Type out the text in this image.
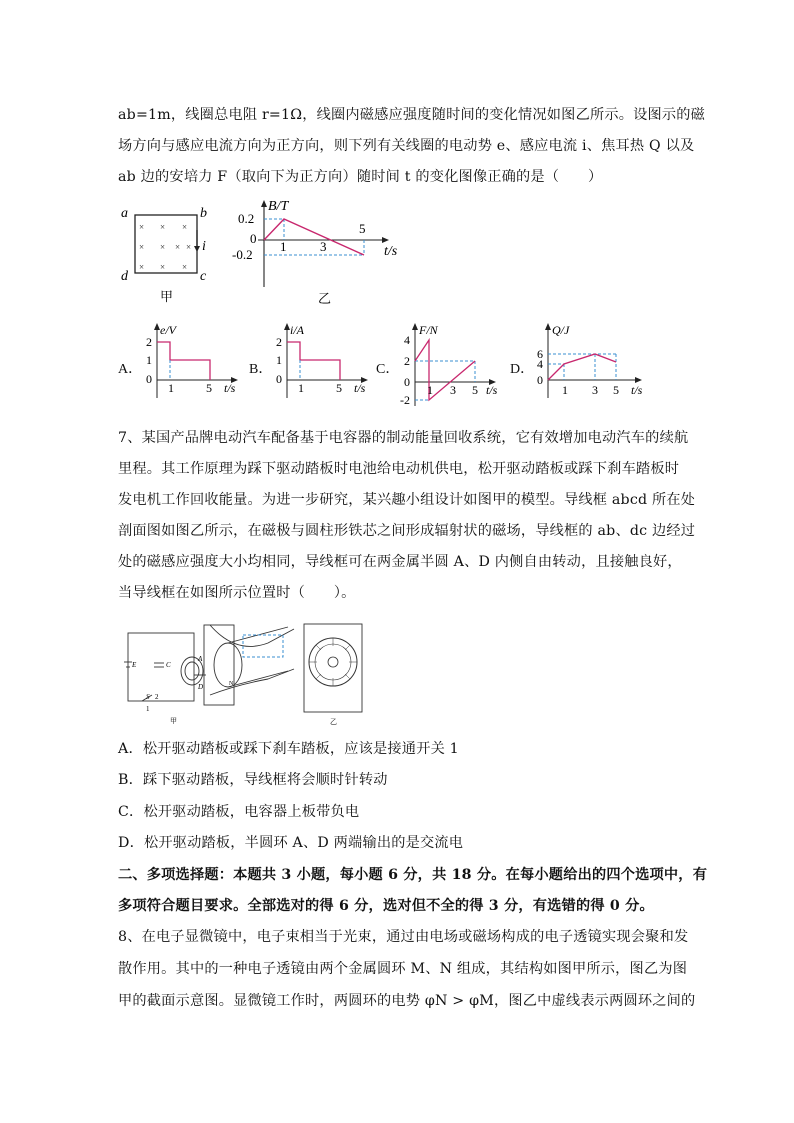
ab=1m，线圈总电阻 r=1Ω，线圈内磁感应强度随时间的变化情况如图乙所示。设图示的磁
场方向与感应电流方向为正方向，则下列有关线圈的电动势 e、感应电流 i、焦耳热 Q 以及
ab 边的安培力 F（取向下为正方向）随时间 t 的变化图像正确的是（　　）
× × ×
× × × ×
× × ×
a	b
c
d
i
甲
B/T
0.2
0
-0.2
1	3
5
t/s
乙
A．
e/V
2
1
0
1	5 t/s
B．
i/A
2
1
0
1	5 t/s
C．
F/N
4
2
0
-2
1 3 5 t/s
D．
Q/J
6
4
0
1 3 5 t/s
7、某国产品牌电动汽车配备基于电容器的制动能量回收系统，它有效增加电动汽车的续航
里程。其工作原理为踩下驱动踏板时电池给电动机供电，松开驱动踏板或踩下刹车踏板时
发电机工作回收能量。为进一步研究，某兴趣小组设计如图甲的模型。导线框 abcd 所在处
剖面图如图乙所示，在磁极与圆柱形铁芯之间形成辐射状的磁场，导线框的 ab、dc 边经过
处的磁感应强度大小均相同，导线框可在两金属半圆 A、D 内侧自由转动，且接触良好，
当导线框在如图所示位置时（　　）。
E	C
S 2
1
A
D	N
甲	乙
A．松开驱动踏板或踩下刹车踏板，应该是接通开关 1
B．踩下驱动踏板，导线框将会顺时针转动
C．松开驱动踏板，电容器上板带负电
D．松开驱动踏板，半圆环 A、D 两端输出的是交流电
二、多项选择题：本题共 3 小题，每小题 6 分，共 18 分。在每小题给出的四个选项中，有
多项符合题目要求。全部选对的得 6 分，选对但不全的得 3 分，有选错的得 0 分。
8、在电子显微镜中，电子束相当于光束，通过由电场或磁场构成的电子透镜实现会聚和发
散作用。其中的一种电子透镜由两个金属圆环 M、N 组成，其结构如图甲所示，图乙为图
甲的截面示意图。显微镜工作时，两圆环的电势 φN > φM，图乙中虚线表示两圆环之间的
